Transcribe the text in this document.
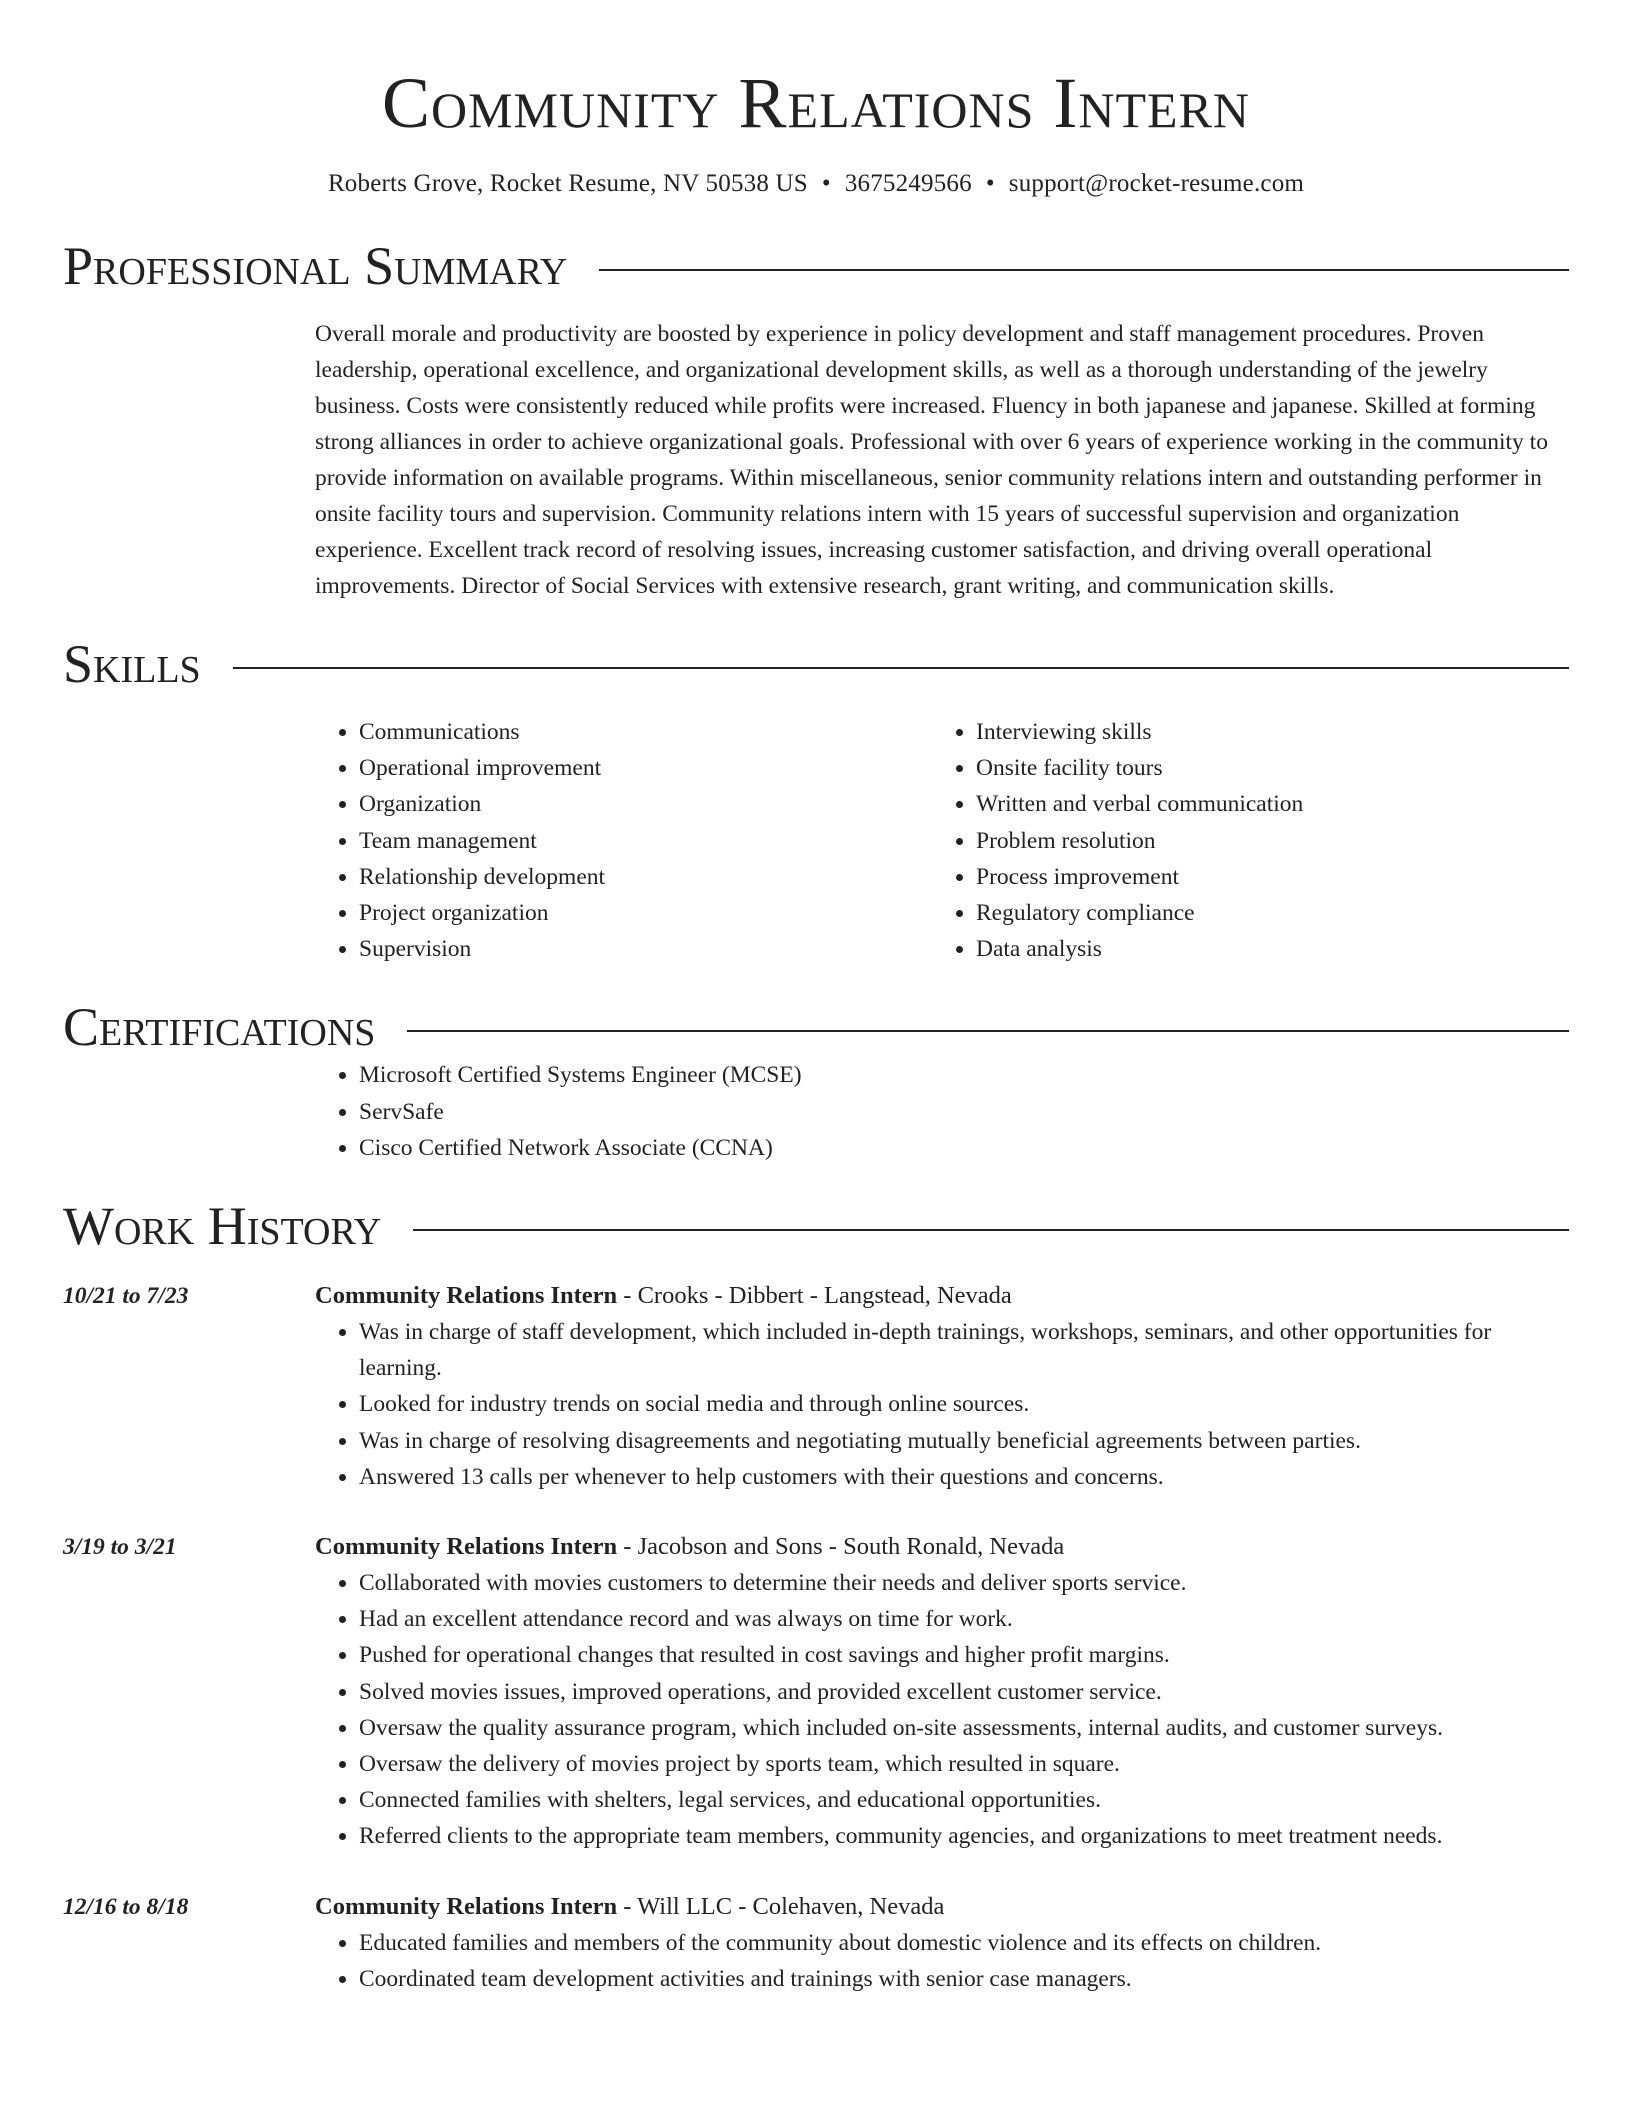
Community Relations Intern
Roberts Grove, Rocket Resume, NV 50538 US • 3675249566 • support@rocket-resume.com
Professional Summary
Overall morale and productivity are boosted by experience in policy development and staff management procedures. Proven leadership, operational excellence, and organizational development skills, as well as a thorough understanding of the jewelry business. Costs were consistently reduced while profits were increased. Fluency in both japanese and japanese. Skilled at forming strong alliances in order to achieve organizational goals. Professional with over 6 years of experience working in the community to provide information on available programs. Within miscellaneous, senior community relations intern and outstanding performer in onsite facility tours and supervision. Community relations intern with 15 years of successful supervision and organization experience. Excellent track record of resolving issues, increasing customer satisfaction, and driving overall operational improvements. Director of Social Services with extensive research, grant writing, and communication skills.
Skills
• Communications
• Operational improvement
• Organization
• Team management
• Relationship development
• Project organization
• Supervision
• Interviewing skills
• Onsite facility tours
• Written and verbal communication
• Problem resolution
• Process improvement
• Regulatory compliance
• Data analysis
Certifications
• Microsoft Certified Systems Engineer (MCSE)
• ServSafe
• Cisco Certified Network Associate (CCNA)
Work History
10/21 to 7/23	Community Relations Intern - Crooks - Dibbert - Langstead, Nevada
• Was in charge of staff development, which included in-depth trainings, workshops, seminars, and other opportunities for learning.
• Looked for industry trends on social media and through online sources.
• Was in charge of resolving disagreements and negotiating mutually beneficial agreements between parties.
• Answered 13 calls per whenever to help customers with their questions and concerns.
3/19 to 3/21	Community Relations Intern - Jacobson and Sons - South Ronald, Nevada
• Collaborated with movies customers to determine their needs and deliver sports service.
• Had an excellent attendance record and was always on time for work.
• Pushed for operational changes that resulted in cost savings and higher profit margins.
• Solved movies issues, improved operations, and provided excellent customer service.
• Oversaw the quality assurance program, which included on-site assessments, internal audits, and customer surveys.
• Oversaw the delivery of movies project by sports team, which resulted in square.
• Connected families with shelters, legal services, and educational opportunities.
• Referred clients to the appropriate team members, community agencies, and organizations to meet treatment needs.
12/16 to 8/18	Community Relations Intern - Will LLC - Colehaven, Nevada
• Educated families and members of the community about domestic violence and its effects on children.
• Coordinated team development activities and trainings with senior case managers.
